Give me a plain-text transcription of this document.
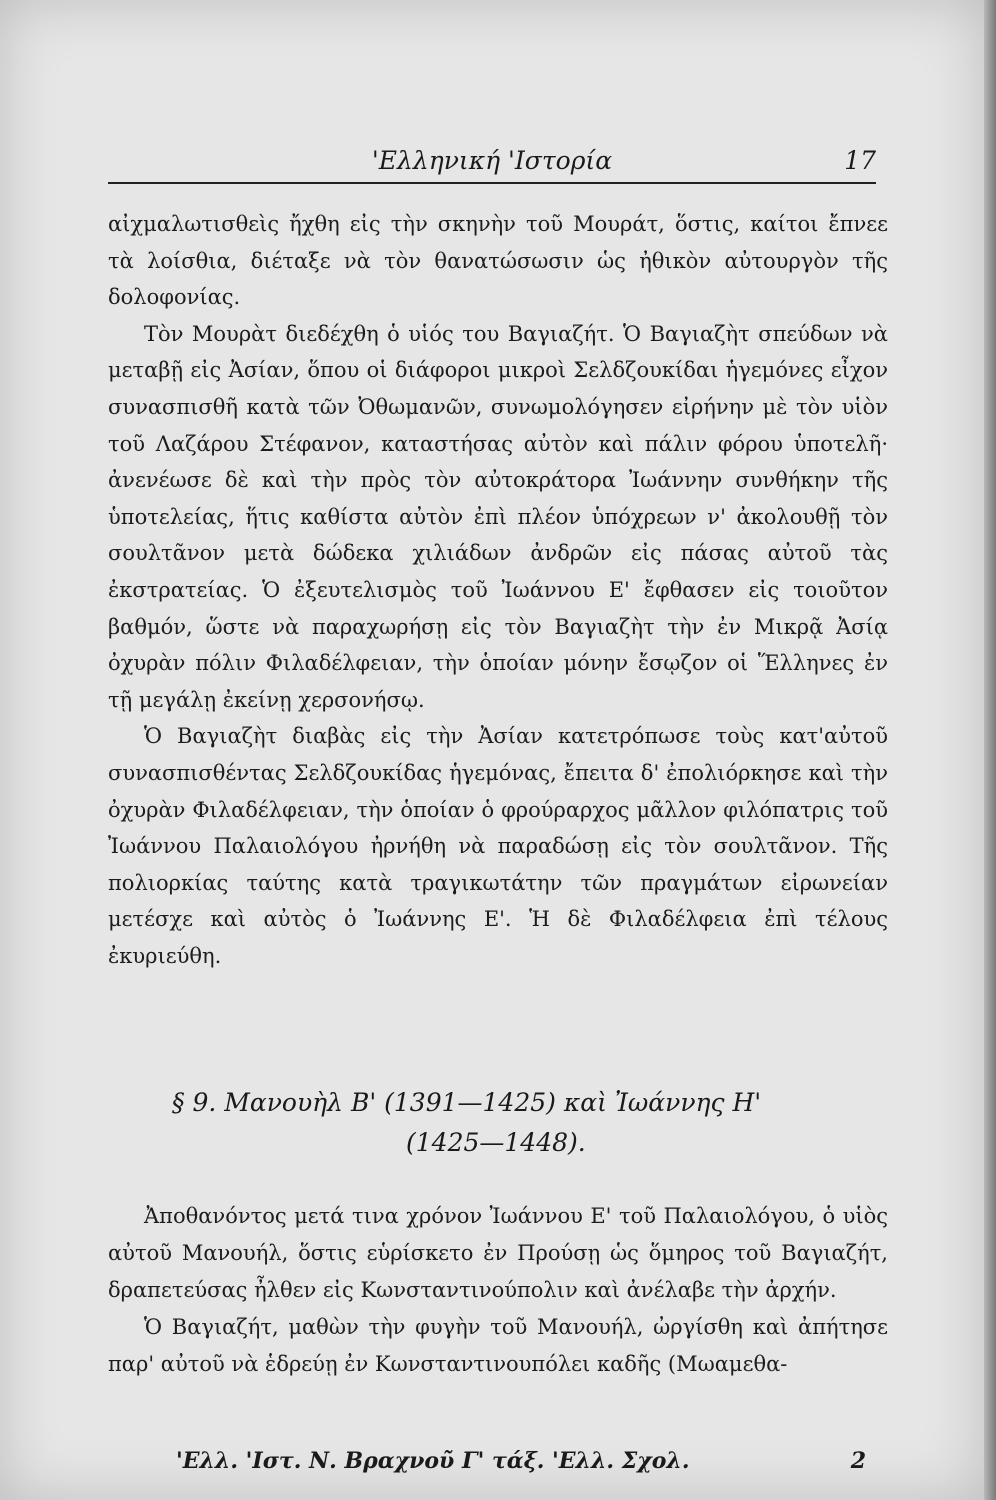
'Ελληνική 'Ιστορία	17

αἰχμαλωτισθεὶς ἤχθη εἰς τὴν σκηνὴν τοῦ Μουράτ, ὅστις, καίτοι ἔπνεε τὰ λοίσθια, διέταξε νὰ τὸν θανατώσωσιν ὡς ἠθικὸν αὐτουργὸν τῆς δολοφονίας.

Τὸν Μουρὰτ διεδέχθη ὁ υἱός του Βαγιαζήτ. Ὁ Βαγιαζὴτ σπεύδων νὰ μεταβῇ εἰς Ἀσίαν, ὅπου οἱ διάφοροι μικροὶ Σελδζουκίδαι ἡγεμόνες εἶχον συνασπισθῆ κατὰ τῶν Ὀθωμανῶν, συνωμολόγησεν εἰρήνην μὲ τὸν υἱὸν τοῦ Λαζάρου Στέφανον, καταστήσας αὐτὸν καὶ πάλιν φόρου ὑποτελῆ· ἀνενέωσε δὲ καὶ τὴν πρὸς τὸν αὐτοκράτορα Ἰωάννην συνθήκην τῆς ὑποτελείας, ἥτις καθίστα αὐτὸν ἐπὶ πλέον ὑπόχρεων ν' ἀκολουθῇ τὸν σουλτᾶνον μετὰ δώδεκα χιλιάδων ἀνδρῶν εἰς πάσας αὐτοῦ τὰς ἐκστρατείας. Ὁ ἐξευτελισμὸς τοῦ Ἰωάννου Ε' ἔφθασεν εἰς τοιοῦτον βαθμόν, ὥστε νὰ παραχωρήσῃ εἰς τὸν Βαγιαζὴτ τὴν ἐν Μικρᾷ Ἀσίᾳ ὀχυρὰν πόλιν Φιλαδέλφειαν, τὴν ὁποίαν μόνην ἔσῳζον οἱ Ἕλληνες ἐν τῇ μεγάλῃ ἐκείνῃ χερσονήσῳ.

Ὁ Βαγιαζὴτ διαβὰς εἰς τὴν Ἀσίαν κατετρόπωσε τοὺς κατ'αὐτοῦ συνασπισθέντας Σελδζουκίδας ἡγεμόνας, ἔπειτα δ' ἐπολιόρκησε καὶ τὴν ὀχυρὰν Φιλαδέλφειαν, τὴν ὁποίαν ὁ φρούραρχος μᾶλλον φιλόπατρις τοῦ Ἰωάννου Παλαιολόγου ἠρνήθη νὰ παραδώσῃ εἰς τὸν σουλτᾶνον. Τῆς πολιορκίας ταύτης κατὰ τραγικωτάτην τῶν πραγμάτων εἰρωνείαν μετέσχε καὶ αὐτὸς ὁ Ἰωάννης Ε'. Ἡ δὲ Φιλαδέλφεια ἐπὶ τέλους ἐκυριεύθη.

§ 9. Μανουὴλ Β' (1391—1425) καὶ Ἰωάννης Η'
(1425—1448).

Ἀποθανόντος μετά τινα χρόνον Ἰωάννου Ε' τοῦ Παλαιολόγου, ὁ υἱὸς αὐτοῦ Μανουήλ, ὅστις εὑρίσκετο ἐν Προύσῃ ὡς ὅμηρος τοῦ Βαγιαζήτ, δραπετεύσας ἦλθεν εἰς Κωνσταντινούπολιν καὶ ἀνέλαβε τὴν ἀρχήν.

Ὁ Βαγιαζήτ, μαθὼν τὴν φυγὴν τοῦ Μανουήλ, ὠργίσθη καὶ ἀπήτησε παρ' αὐτοῦ νὰ ἑδρεύῃ ἐν Κωνσταντινουπόλει καδῆς (Μωαμεθα-

'Ελλ. 'Ιστ. Ν. Βραχνοῦ Γ' τάξ. 'Ελλ. Σχολ.	2
